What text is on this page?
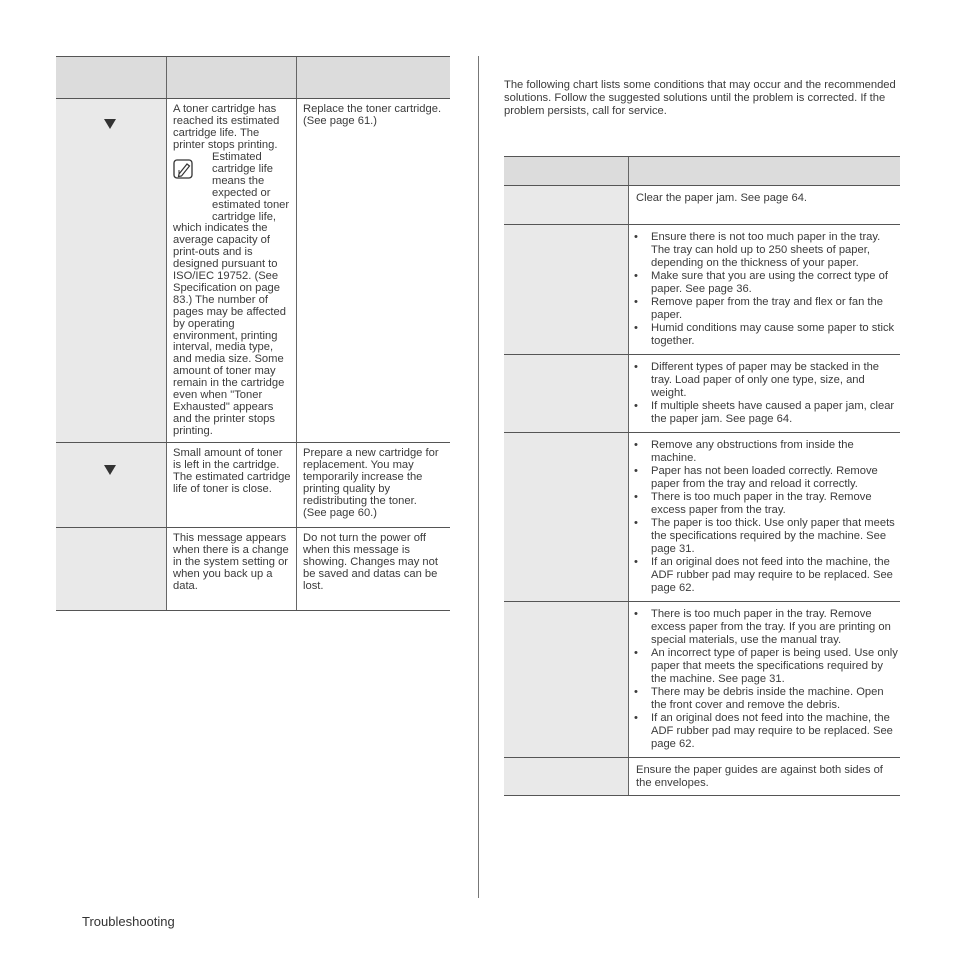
A toner cartridge has reached its estimated cartridge life. The printer stops printing.
Estimated cartridge life means the expected or estimated toner cartridge life,
which indicates the average capacity of print-outs and is designed pursuant to ISO/IEC 19752. (See Specification on page 83.) The number of pages may be affected by operating environment, printing interval, media type, and media size. Some amount of toner may remain in the cartridge even when "Toner Exhausted" appears and the printer stops printing.
Replace the toner cartridge. (See page 61.)
Small amount of toner is left in the cartridge. The estimated cartridge life of toner is close.
Prepare a new cartridge for replacement. You may temporarily increase the printing quality by redistributing the toner. (See page 60.)
This message appears when there is a change in the system setting or when you back up a data.
Do not turn the power off when this message is showing. Changes may not be saved and datas can be lost.
The following chart lists some conditions that may occur and the recommended solutions. Follow the suggested solutions until the problem is corrected. If the problem persists, call for service.
Clear the paper jam. See page 64.
• Ensure there is not too much paper in the tray. The tray can hold up to 250 sheets of paper, depending on the thickness of your paper.
• Make sure that you are using the correct type of paper. See page 36.
• Remove paper from the tray and flex or fan the paper.
• Humid conditions may cause some paper to stick together.
• Different types of paper may be stacked in the tray. Load paper of only one type, size, and weight.
• If multiple sheets have caused a paper jam, clear the paper jam. See page 64.
• Remove any obstructions from inside the machine.
• Paper has not been loaded correctly. Remove paper from the tray and reload it correctly.
• There is too much paper in the tray. Remove excess paper from the tray.
• The paper is too thick. Use only paper that meets the specifications required by the machine. See page 31.
• If an original does not feed into the machine, the ADF rubber pad may require to be replaced. See page 62.
• There is too much paper in the tray. Remove excess paper from the tray. If you are printing on special materials, use the manual tray.
• An incorrect type of paper is being used. Use only paper that meets the specifications required by the machine. See page 31.
• There may be debris inside the machine. Open the front cover and remove the debris.
• If an original does not feed into the machine, the ADF rubber pad may require to be replaced. See page 62.
Ensure the paper guides are against both sides of the envelopes.
Troubleshooting
